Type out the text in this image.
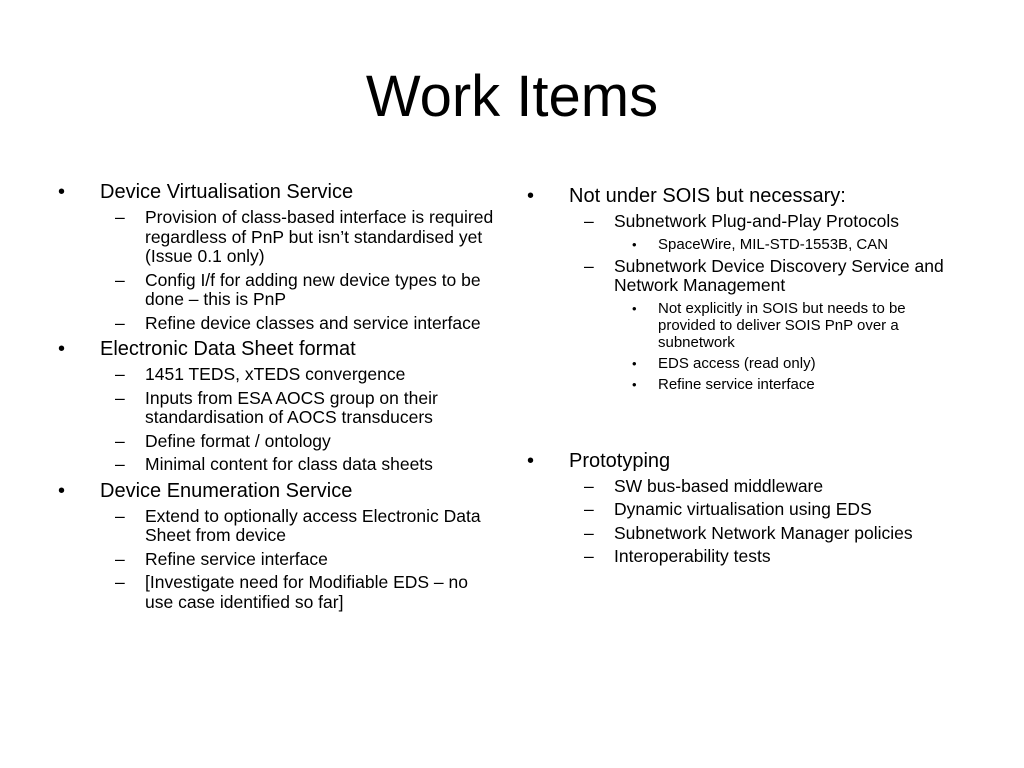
Work Items
• Device Virtualisation Service
– Provision of class-based interface is required regardless of PnP but isn’t standardised yet (Issue 0.1 only)
– Config I/f for adding new device types to be done – this is PnP
– Refine device classes and service interface
• Electronic Data Sheet format
– 1451 TEDS, xTEDS convergence
– Inputs from ESA AOCS group on their standardisation of AOCS transducers
– Define format / ontology
– Minimal content for class data sheets
• Device Enumeration Service
– Extend to optionally access Electronic Data Sheet from device
– Refine service interface
– [Investigate need for Modifiable EDS – no use case identified so far]
• Not under SOIS but necessary:
– Subnetwork Plug-and-Play Protocols
• SpaceWire, MIL-STD-1553B, CAN
– Subnetwork Device Discovery Service and Network Management
• Not explicitly in SOIS but needs to be provided to deliver SOIS PnP over a subnetwork
• EDS access (read only)
• Refine service interface
• Prototyping
– SW bus-based middleware
– Dynamic virtualisation using EDS
– Subnetwork Network Manager policies
– Interoperability tests
